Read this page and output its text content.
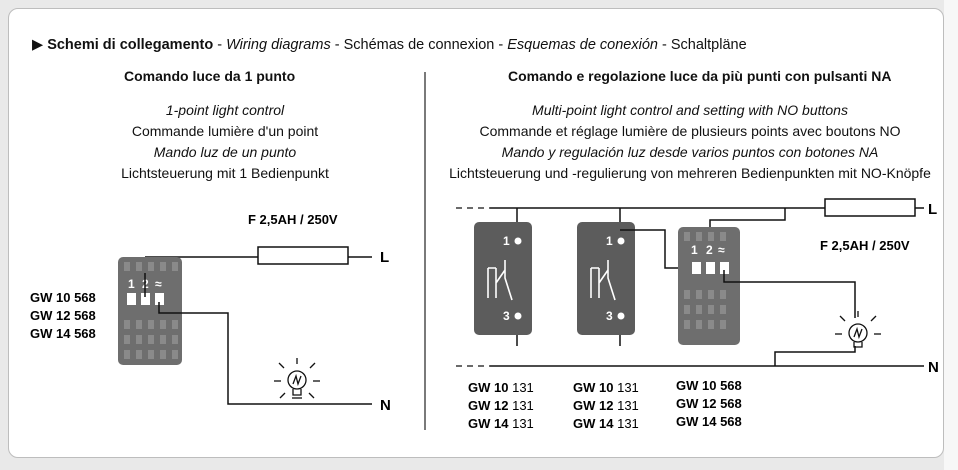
▶ Schemi di collegamento - Wiring diagrams - Schémas de connexion - Esquemas de conexión - Schaltpläne
Comando luce da 1 punto
1-point light control
Commande lumière d'un point
Mando luz de un punto
Lichtsteuerung mit 1 Bedienpunkt
Comando e regolazione luce da più punti con pulsanti NA
Multi-point light control and setting with NO buttons
Commande et réglage lumière de plusieurs points avec boutons NO
Mando y regulación luz desde varios puntos con botones NA
Lichtsteuerung und -regulierung von mehreren Bedienpunkten mit NO-Knöpfe
F 2,5AH / 250V
L
1 2 ≈
GW 10 568
GW 12 568
GW 14 568
N
L
F 2,5AH / 250V
N
1
3
1
3
1 2 ≈
GW 10 131
GW 12 131
GW 14 131
GW 10 131
GW 12 131
GW 14 131
GW 10 568
GW 12 568
GW 14 568
